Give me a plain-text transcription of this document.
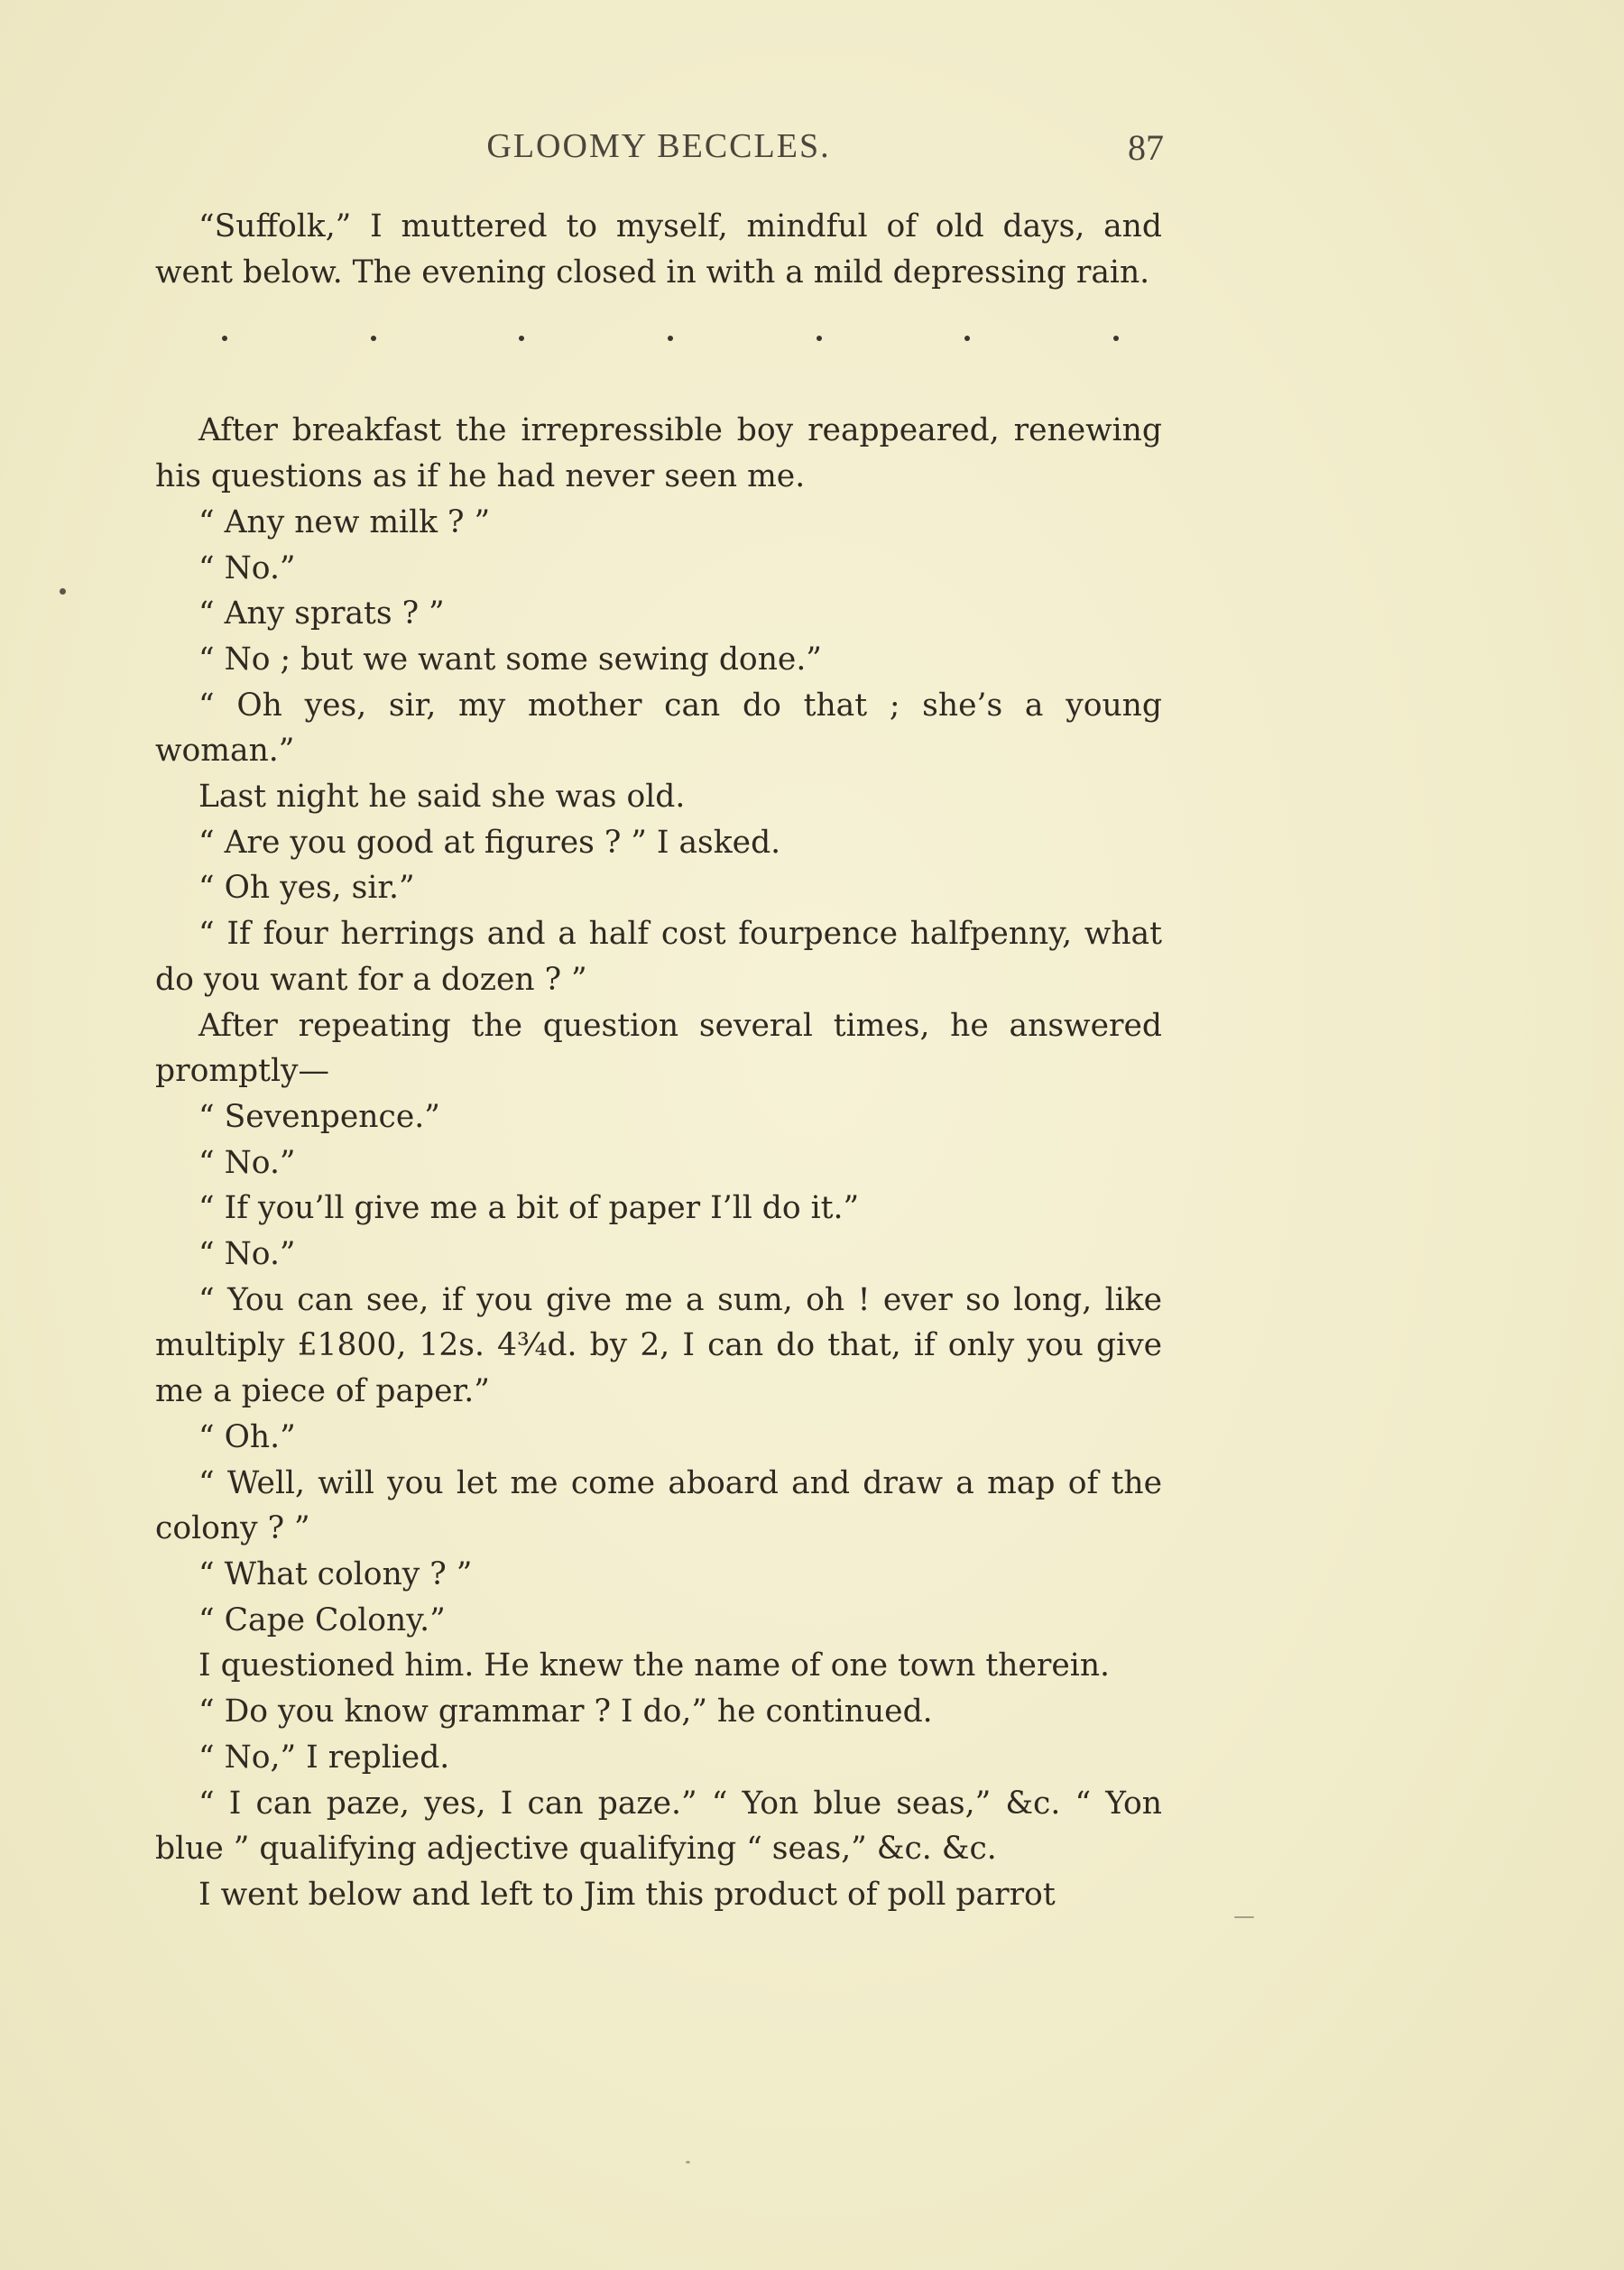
GLOOMY BECCLES.	87

“Suffolk,” I muttered to myself, mindful of old days, and went below. The evening closed in with a mild depressing rain.

After breakfast the irrepressible boy reappeared, renewing his questions as if he had never seen me.

“ Any new milk ? ”

“ No.”

“ Any sprats ? ”

“ No ; but we want some sewing done.”

“ Oh yes, sir, my mother can do that ; she’s a young woman.”

Last night he said she was old.

“ Are you good at figures ? ” I asked.

“ Oh yes, sir.”

“ If four herrings and a half cost fourpence halfpenny, what do you want for a dozen ? ”

After repeating the question several times, he answered promptly—

“ Sevenpence.”

“ No.”

“ If you’ll give me a bit of paper I’ll do it.”

“ No.”

“ You can see, if you give me a sum, oh ! ever so long, like multiply £1800, 12s. 4¾d. by 2, I can do that, if only you give me a piece of paper.”

“ Oh.”

“ Well, will you let me come aboard and draw a map of the colony ? ”

“ What colony ? ”

“ Cape Colony.”

I questioned him. He knew the name of one town therein.

“ Do you know grammar ? I do,” he continued.

“ No,” I replied.

“ I can paze, yes, I can paze.” “ Yon blue seas,” &c. “ Yon blue ” qualifying adjective qualifying “ seas,” &c. &c.

I went below and left to Jim this product of poll parrot
